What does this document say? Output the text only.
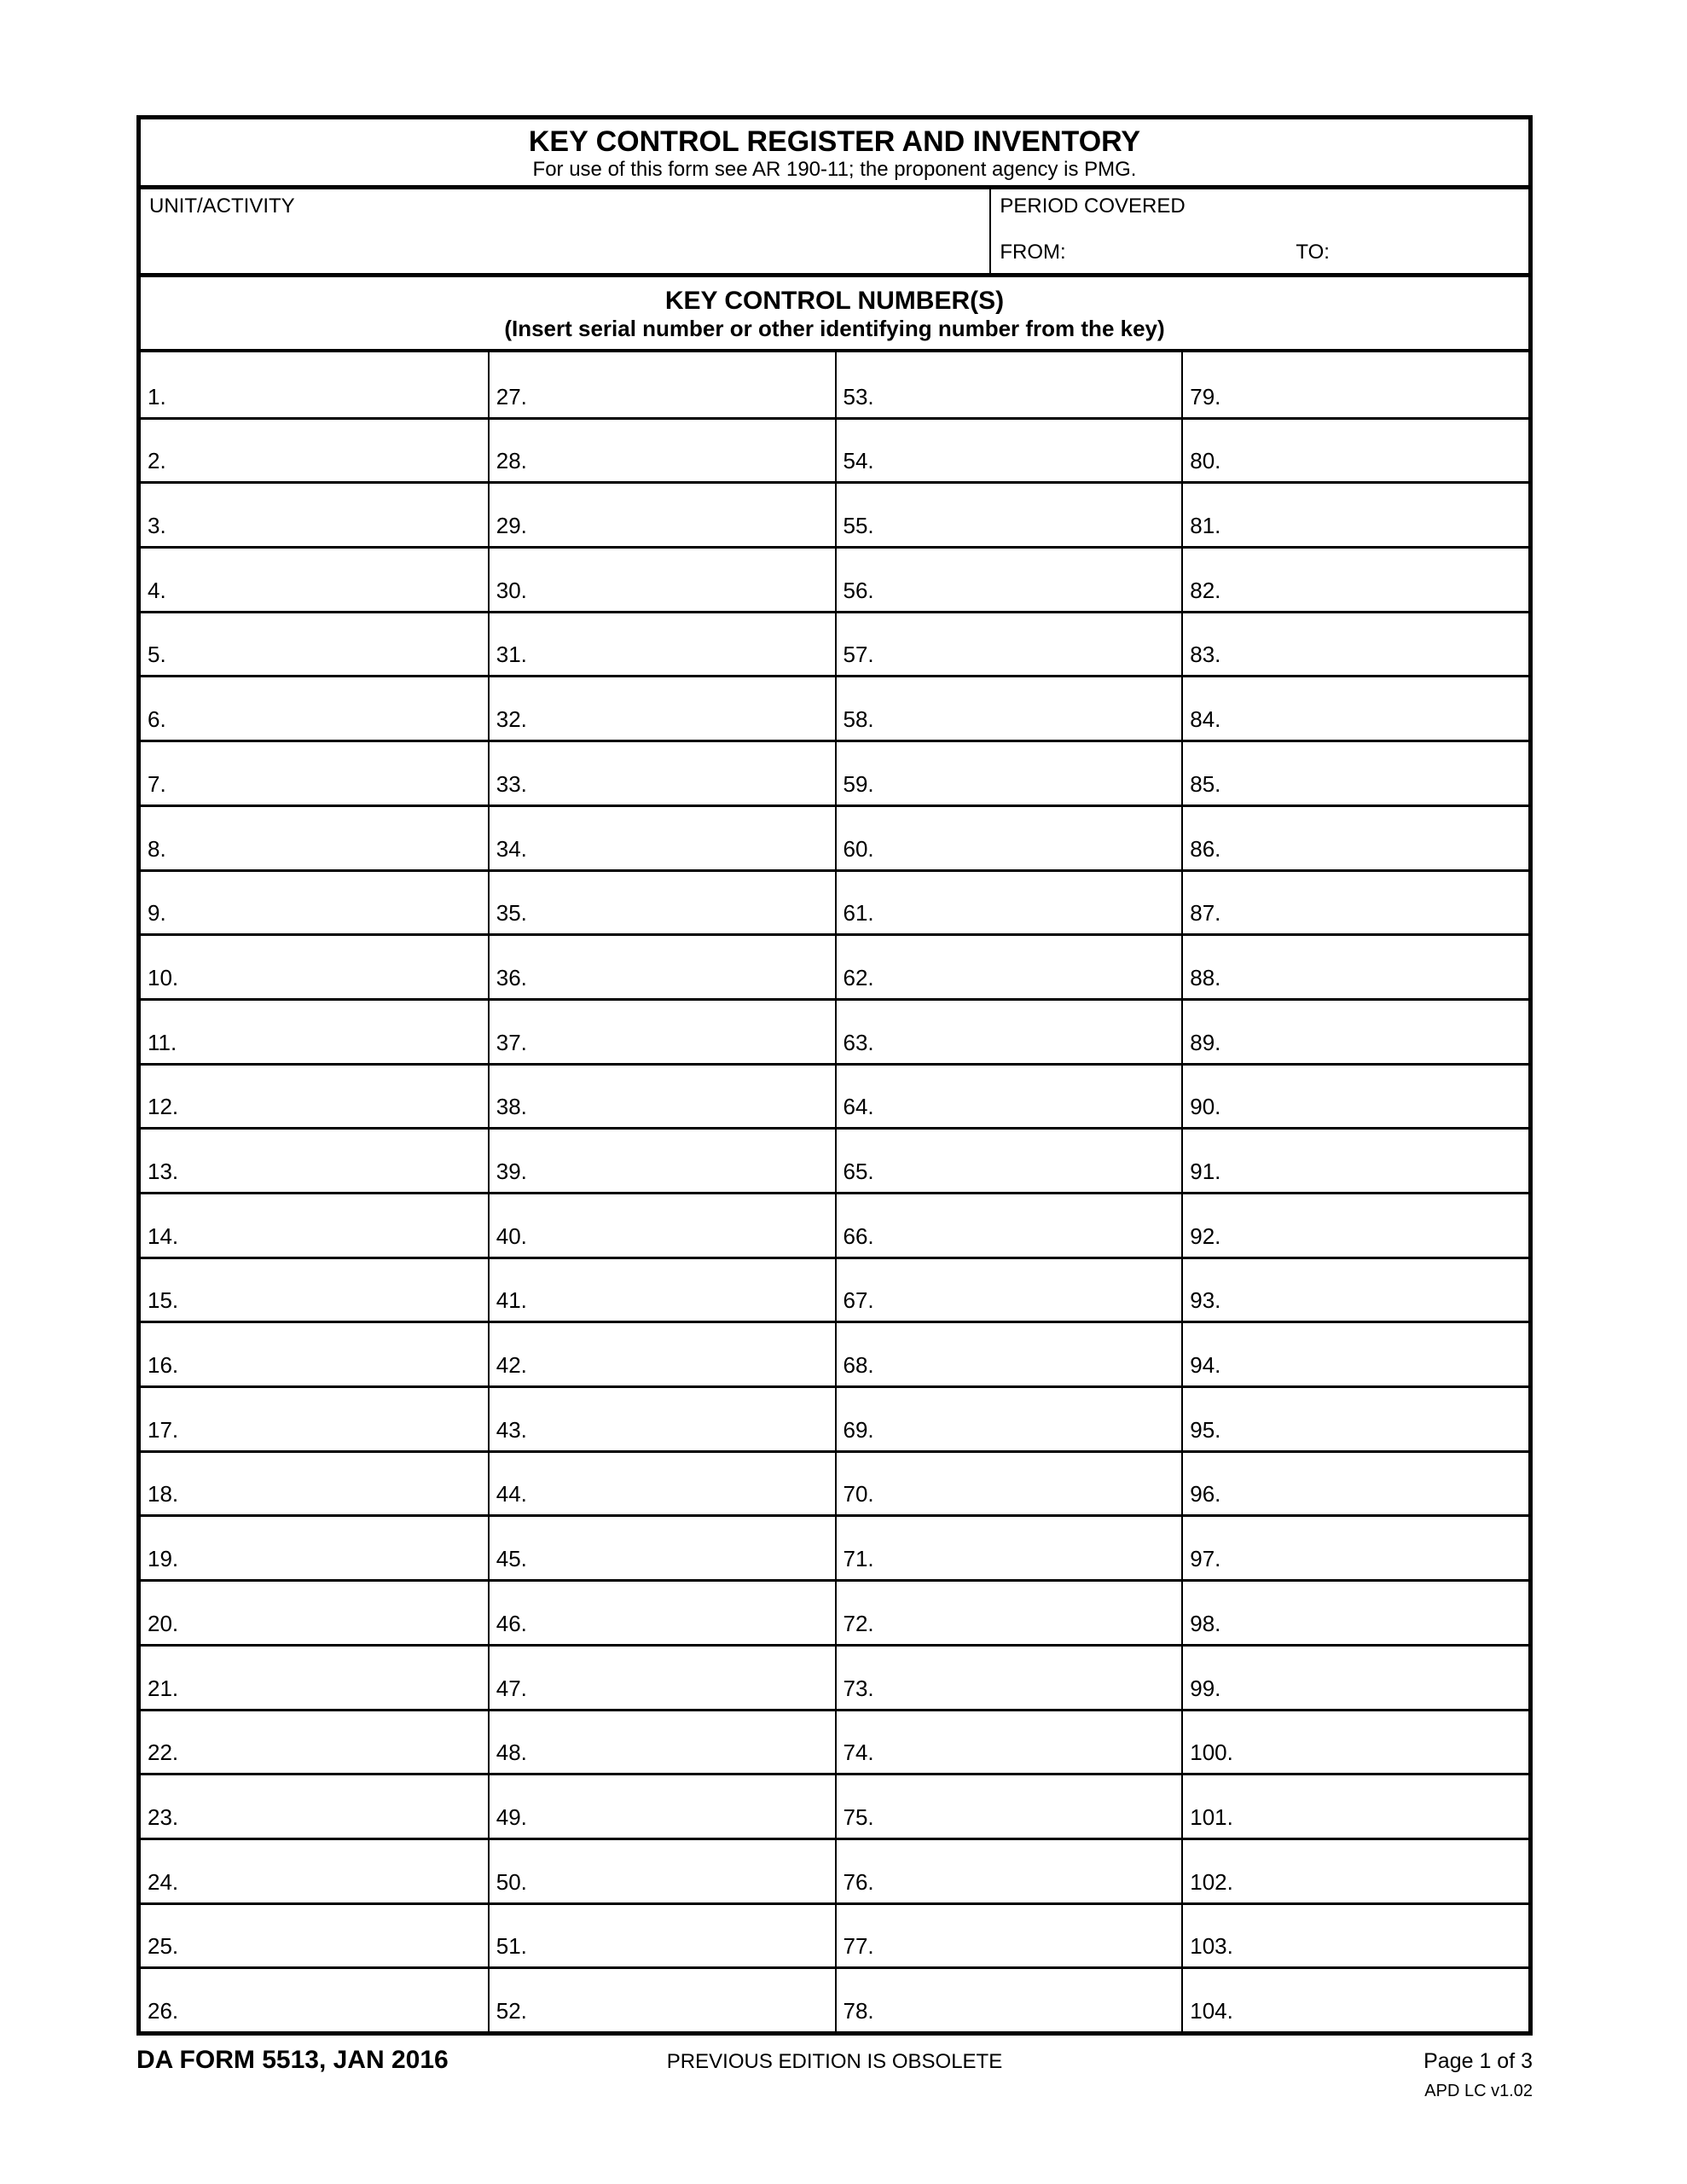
KEY CONTROL REGISTER AND INVENTORY
For use of this form see AR 190-11; the proponent agency is PMG.
UNIT/ACTIVITY	PERIOD COVERED
FROM:	TO:
KEY CONTROL NUMBER(S)
(Insert serial number or other identifying number from the key)
1.	27.	53.	79.
2.	28.	54.	80.
3.	29.	55.	81.
4.	30.	56.	82.
5.	31.	57.	83.
6.	32.	58.	84.
7.	33.	59.	85.
8.	34.	60.	86.
9.	35.	61.	87.
10.	36.	62.	88.
11.	37.	63.	89.
12.	38.	64.	90.
13.	39.	65.	91.
14.	40.	66.	92.
15.	41.	67.	93.
16.	42.	68.	94.
17.	43.	69.	95.
18.	44.	70.	96.
19.	45.	71.	97.
20.	46.	72.	98.
21.	47.	73.	99.
22.	48.	74.	100.
23.	49.	75.	101.
24.	50.	76.	102.
25.	51.	77.	103.
26.	52.	78.	104.
DA FORM 5513, JAN 2016	PREVIOUS EDITION IS OBSOLETE	Page 1 of 3
APD LC v1.02
